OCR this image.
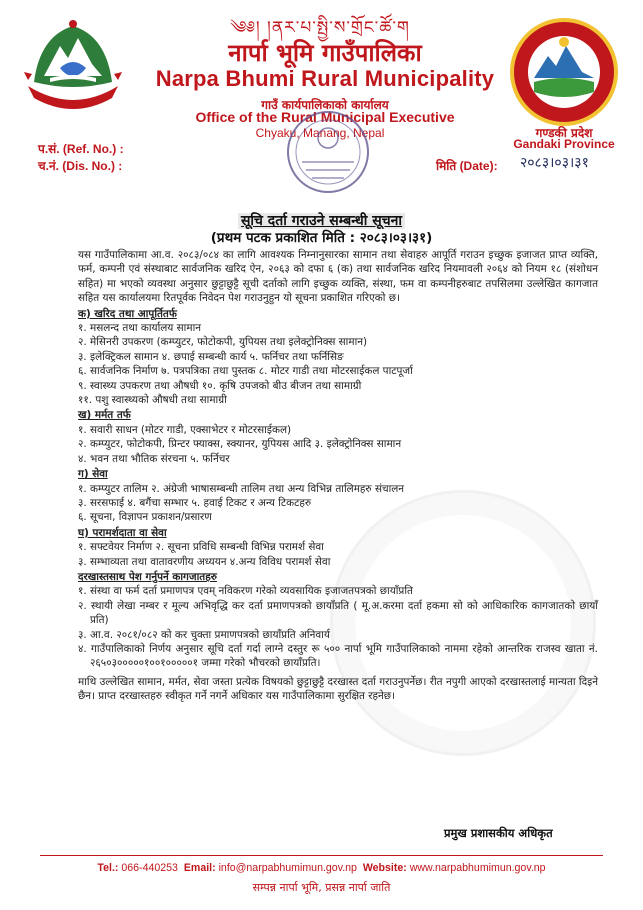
༄༅། །ནར་པ་སྤྱི་ས་གྲོང་ཚོ་ག
नार्पा भूमि गाउँपालिका
Narpa Bhumi Rural Municipality
गाउँ कार्यपालिकाको कार्यालय
Office of the Rural Municipal Executive
Chyaku, Manang, Nepal	गण्डकी प्रदेश
Gandaki Province
प.सं. (Ref. No.) :
च.नं. (Dis. No.) :	मिति (Date): २०८३।०३।३१
सूचि दर्ता गराउने सम्बन्धी सूचना
(प्रथम पटक प्रकाशित मिति : २०८३।०३।३१)

यस गाउँपालिकामा आ.व. २०८३/०८४ का लागि आवश्यक निम्नानुसारका सामान तथा सेवाहरु आपूर्ति गराउन इच्छुक इजाजत प्राप्त व्यक्ति, फर्म, कम्पनी एवं संस्थाबाट सार्वजनिक खरिद ऐन, २०६३ को दफा ६ (क) तथा सार्वजनिक खरिद नियमावली २०६४ को नियम १८ (संशोधन सहित) मा भएको व्यवस्था अनुसार छुट्टाछुट्टै सूची दर्ताको लागि इच्छुक व्यक्ति, संस्था, फम वा कम्पनीहरुबाट तपसिलमा उल्लेखित कागजात सहित यस कार्यालयमा रितपूर्वक निवेदन पेश गराउनुहुन यो सूचना प्रकाशित गरिएको छ।

क) खरिद तथा आपूर्तितर्फ
१. मसलन्द तथा कार्यालय सामान
२. मेसिनरी उपकरण (कम्प्युटर, फोटोकपी, युपियस तथा इलेक्ट्रोनिक्स सामान)
३. इलेक्ट्रिकल सामान ४. छपाई सम्बन्धी कार्य ५. फर्निचर तथा फर्निसिङ
६. सार्वजनिक निर्माण ७. पत्रपत्रिका तथा पुस्तक ८. मोटर गाडी तथा मोटरसाईकल पाटपूर्जा
९. स्वास्थ्य उपकरण तथा औषधी १०. कृषि उपजको बीउ बीजन तथा सामाग्री
११. पशु स्वास्थ्यको औषधी तथा सामाग्री
ख) मर्मत तर्फ
१. सवारी साधन (मोटर गाडी, एक्साभेटर र मोटरसाईकल)
२. कम्प्युटर, फोटोकपी, प्रिन्टर फ्याक्स, स्क्यानर, युपियस आदि ३. इलेक्ट्रोनिक्स सामान
४. भवन तथा भौतिक संरचना ५. फर्निचर
ग) सेवा
१. कम्प्युटर तालिम २. अंग्रेजी भाषासम्बन्धी तालिम तथा अन्य विभिन्न तालिमहरु संचालन
३. सरसफाई ४. बगैंचा सम्भार ५. हवाई टिकट र अन्य टिकटहरु
६. सूचना, विज्ञापन प्रकाशन/प्रसारण
घ) परामर्शदाता वा सेवा
१. सफ्टवेयर निर्माण २. सूचना प्रविधि सम्बन्धी विभिन्न परामर्श सेवा
३. सम्भाव्यता तथा वातावरणीय अध्ययन ४.अन्य विविध परामर्श सेवा
दरखास्तसाथ पेश गर्नुपर्ने कागजातहरु
१. संस्था वा फर्म दर्ता प्रमाणपत्र एवम् नविकरण गरेको व्यवसायिक इजाजतपत्रको छायाँप्रति
२. स्थायी लेखा नम्बर र मूल्य अभिवृद्धि कर दर्ता प्रमाणपत्रको छायाँप्रति ( मू.अ.करमा दर्ता हकमा सो को आधिकारिक कागजातको छायाँ प्रति)
३. आ.व. २०८१/०८२ को कर चुक्ता प्रमाणपत्रको छायाँप्रति अनिवार्य
४. गाउँपालिकाको निर्णय अनुसार सूचि दर्ता गर्दा लाग्ने दस्तुर रू ५०० नार्पा भूमि गाउँपालिकाको नाममा रहेको आन्तरिक राजस्व खाता नं. २६५०३०००००१००१०००००१ जम्मा गरेको भौचरको छायाँप्रति।

माथि उल्लेखित सामान, मर्मत, सेवा जस्ता प्रत्येक विषयको छुट्टाछुट्टै दरखास्त दर्ता गराउनुपर्नेछ। रीत नपुगी आएको दरखास्तलाई मान्यता दिइने छैन। प्राप्त दरखास्तहरु स्वीकृत गर्ने नगर्ने अधिकार यस गाउँपालिकामा सुरक्षित रहनेछ।

प्रमुख प्रशासकीय अधिकृत
Tel.: 066-440253 Email: info@narpabhumimun.gov.np Website: www.narpabhumimun.gov.np
सम्पन्न नार्पा भूमि, प्रसन्न नार्पा जाति
